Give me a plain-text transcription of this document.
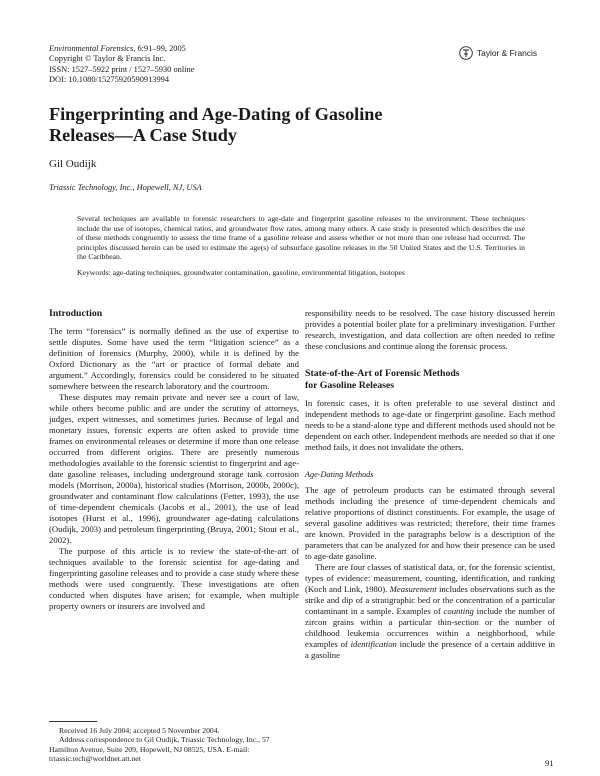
Environmental Forensics, 6:91–99, 2005
Copyright © Taylor & Francis Inc.
ISSN: 1527–5922 print / 1527–5930 online
DOI: 10.1080/15275920590913994
Taylor & Francis
Fingerprinting and Age-Dating of Gasoline
Releases—A Case Study
Gil Oudijk
Triassic Technology, Inc., Hopewell, NJ, USA
Several techniques are available to forensic researchers to age-date and fingerprint gasoline releases to the environment. These techniques include the use of isotopes, chemical ratios, and groundwater flow rates, among many others. A case study is presented which describes the use of these methods congruently to assess the time frame of a gasoline release and assess whether or not more than one release had occurred. The principles discussed herein can be used to estimate the age(s) of subsurface gasoline releases in the 50 United States and the U.S. Territories in the Caribbean.
Keywords: age-dating techniques, groundwater contamination, gasoline, environmental litigation, isotopes
Introduction

The term “forensics” is normally defined as the use of expertise to settle disputes. Some have used the term “litigation science” as a definition of forensics (Murphy, 2000), while it is defined by the Oxford Dictionary as the “art or practice of formal debate and argument.” Accordingly, forensics could be considered to be situated somewhere between the research laboratory and the courtroom.

These disputes may remain private and never see a court of law, while others become public and are under the scrutiny of attorneys, judges, expert witnesses, and sometimes juries. Because of legal and monetary issues, forensic experts are often asked to provide time frames on environmental releases or determine if more than one release occurred from different origins. There are presently numerous methodologies available to the forensic scientist to fingerprint and age-date gasoline releases, including underground storage tank corrosion models (Morrison, 2000a), historical studies (Morrison, 2000b, 2000c), groundwater and contaminant flow calculations (Fetter, 1993), the use of time-dependent chemicals (Jacobs et al., 2001), the use of lead isotopes (Hurst et al., 1996), groundwater age-dating calculations (Oudijk, 2003) and petroleum fingerprinting (Bruya, 2001; Stout et al., 2002).

The purpose of this article is to review the state-of-the-art of techniques available to the forensic scientist for age-dating and fingerprinting gasoline releases and to provide a case study where these methods were used congruently. These investigations are often conducted when disputes have arisen; for example, when multiple property owners or insurers are involved and

Received 16 July 2004; accepted 5 November 2004.

Address correspondence to Gil Oudijk, Triassic Technology, Inc., 57 Hamilton Avenue, Suite 209, Hopewell, NJ 08525, USA. E-mail: triassic.tech@worldnet.att.net

responsibility needs to be resolved. The case history discussed herein provides a potential boiler plate for a preliminary investigation. Further research, investigation, and data collection are often needed to refine these conclusions and continue along the forensic process.

State-of-the-Art of Forensic Methods
for Gasoline Releases

In forensic cases, it is often preferable to use several distinct and independent methods to age-date or fingerprint gasoline. Each method needs to be a stand-alone type and different methods used should not be dependent on each other. Independent methods are needed so that if one method fails, it does not invalidate the others.

Age-Dating Methods

The age of petroleum products can be estimated through several methods including the presence of time-dependent chemicals and relative proportions of distinct constituents. For example, the usage of several gasoline additives was restricted; therefore, their time frames are known. Provided in the paragraphs below is a description of the parameters that can be analyzed for and how their presence can be used to age-date gasoline.

There are four classes of statistical data, or, for the forensic scientist, types of evidence: measurement, counting, identification, and ranking (Koch and Link, 1980). Measurement includes observations such as the strike and dip of a stratigraphic bed or the concentration of a particular contaminant in a sample. Examples of counting include the number of zircon grains within a particular thin-section or the number of childhood leukemia occurrences within a neighborhood, while examples of identification include the presence of a certain additive in a gasoline

91
